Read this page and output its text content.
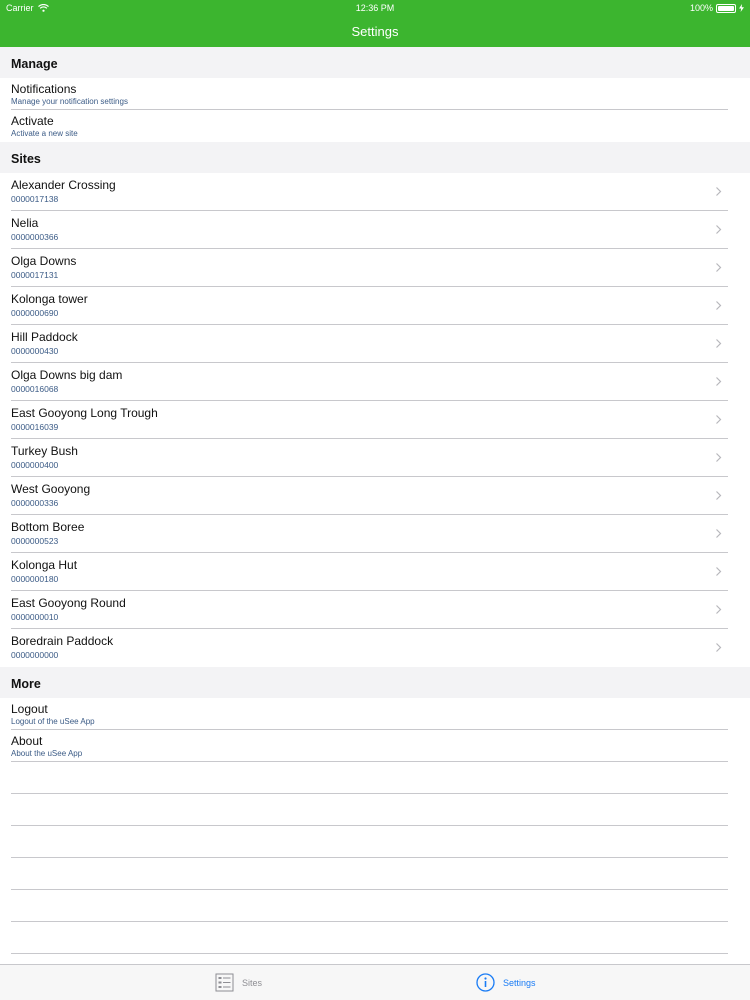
Carrier	12:36 PM	100%
Settings
Manage
Notifications
Manage your notification settings
Activate
Activate a new site
Sites
Alexander Crossing
0000017138
Nelia
0000000366
Olga Downs
0000017131
Kolonga tower
0000000690
Hill Paddock
0000000430
Olga Downs big dam
0000016068
East Gooyong Long Trough
0000016039
Turkey Bush
0000000400
West Gooyong
0000000336
Bottom Boree
0000000523
Kolonga Hut
0000000180
East Gooyong Round
0000000010
Boredrain Paddock
0000000000
More
Logout
Logout of the uSee App
About
About the uSee App
Sites	Settings
